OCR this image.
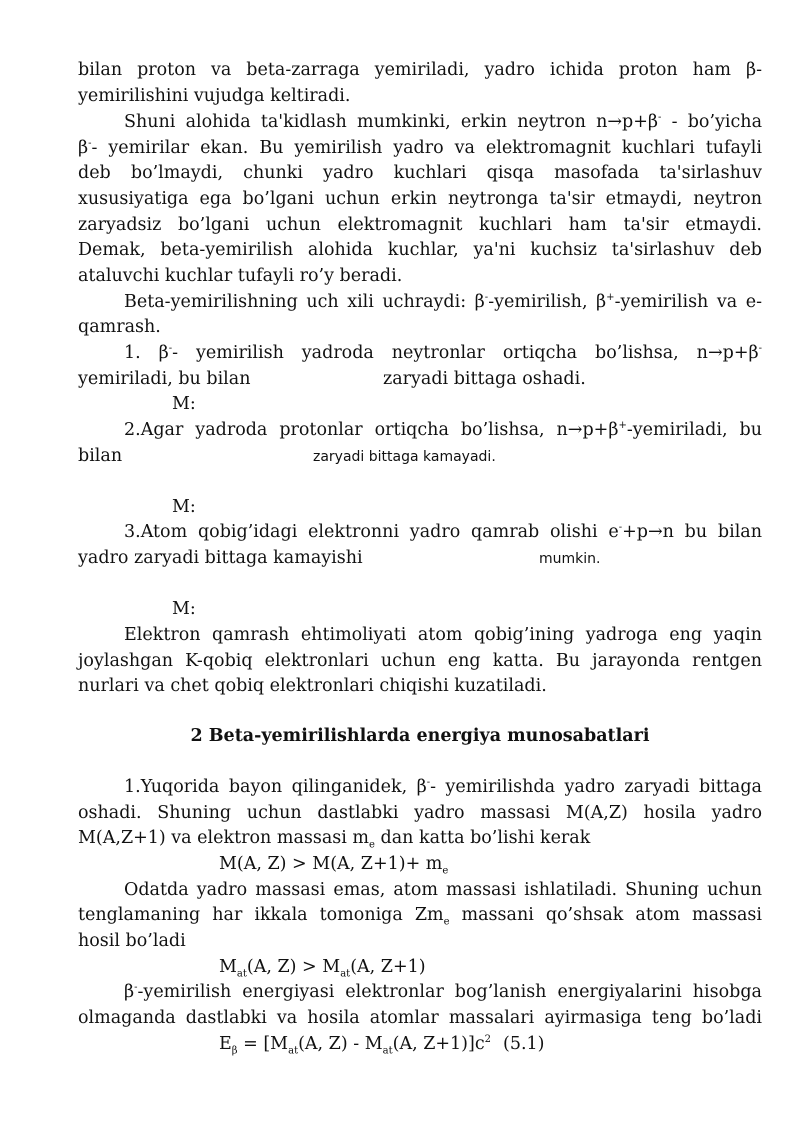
bilan proton va beta-zarraga yemiriladi, yadro ichida proton ham β-
yemirilishini vujudga keltiradi.
Shuni alohida ta'kidlash mumkinki, erkin neytron n→p+β- - bo’yicha
β-- yemirilar ekan. Bu yemirilish yadro va elektromagnit kuchlari tufayli
deb bo’lmaydi, chunki yadro kuchlari qisqa masofada ta'sirlashuv
xususiyatiga ega bo’lgani uchun erkin neytronga ta'sir etmaydi, neytron
zaryadsiz bo’lgani uchun elektromagnit kuchlari ham ta'sir etmaydi.
Demak, beta-yemirilish alohida kuchlar, ya'ni kuchsiz ta'sirlashuv deb
ataluvchi kuchlar tufayli ro’y beradi.
Beta-yemirilishning uch xili uchraydi: β--yemirilish, β+-yemirilish va e-
qamrash.
1. β-- yemirilish yadroda neytronlar ortiqcha bo’lishsa, n→p+β-
yemiriladi, bu bilan	zaryadi bittaga oshadi.
M:
2.Agar yadroda protonlar ortiqcha bo’lishsa, n→p+β+-yemiriladi, bu
bilan	zaryadi bittaga kamayadi.
M:
3.Atom qobig’idagi elektronni yadro qamrab olishi e-+p→n bu bilan
yadro zaryadi bittaga kamayishi	mumkin.
M:
Elektron qamrash ehtimoliyati atom qobig’ining yadroga eng yaqin
joylashgan K-qobiq elektronlari uchun eng katta. Bu jarayonda rentgen
nurlari va chet qobiq elektronlari chiqishi kuzatiladi.
2 Beta-yemirilishlarda energiya munosabatlari
1.Yuqorida bayon qilinganidek, β-- yemirilishda yadro zaryadi bittaga
oshadi. Shuning uchun dastlabki yadro massasi M(A,Z) hosila yadro
M(A,Z+1) va elektron massasi $m_e$ dan katta bo’lishi kerak
M(A, Z) > M(A, $Z+1)+ m_e$
Odatda yadro massasi emas, atom massasi ishlatiladi. Shuning uchun
tenglamaning har ikkala tomoniga $Zm_e$ massani qo’shsak atom massasi
hosil bo’ladi
$M_{at}(A$, $Z) > M_{at}(A$, Z+1)
β--yemirilish energiyasi elektronlar bog’lanish energiyalarini hisobga
olmaganda dastlabki va hosila atomlar massalari ayirmasiga teng bo’ladi
$E_\beta = [M_{at}(A$, $Z) - M_{at}(A$, $Z+1)]c^2$ (5.1)
